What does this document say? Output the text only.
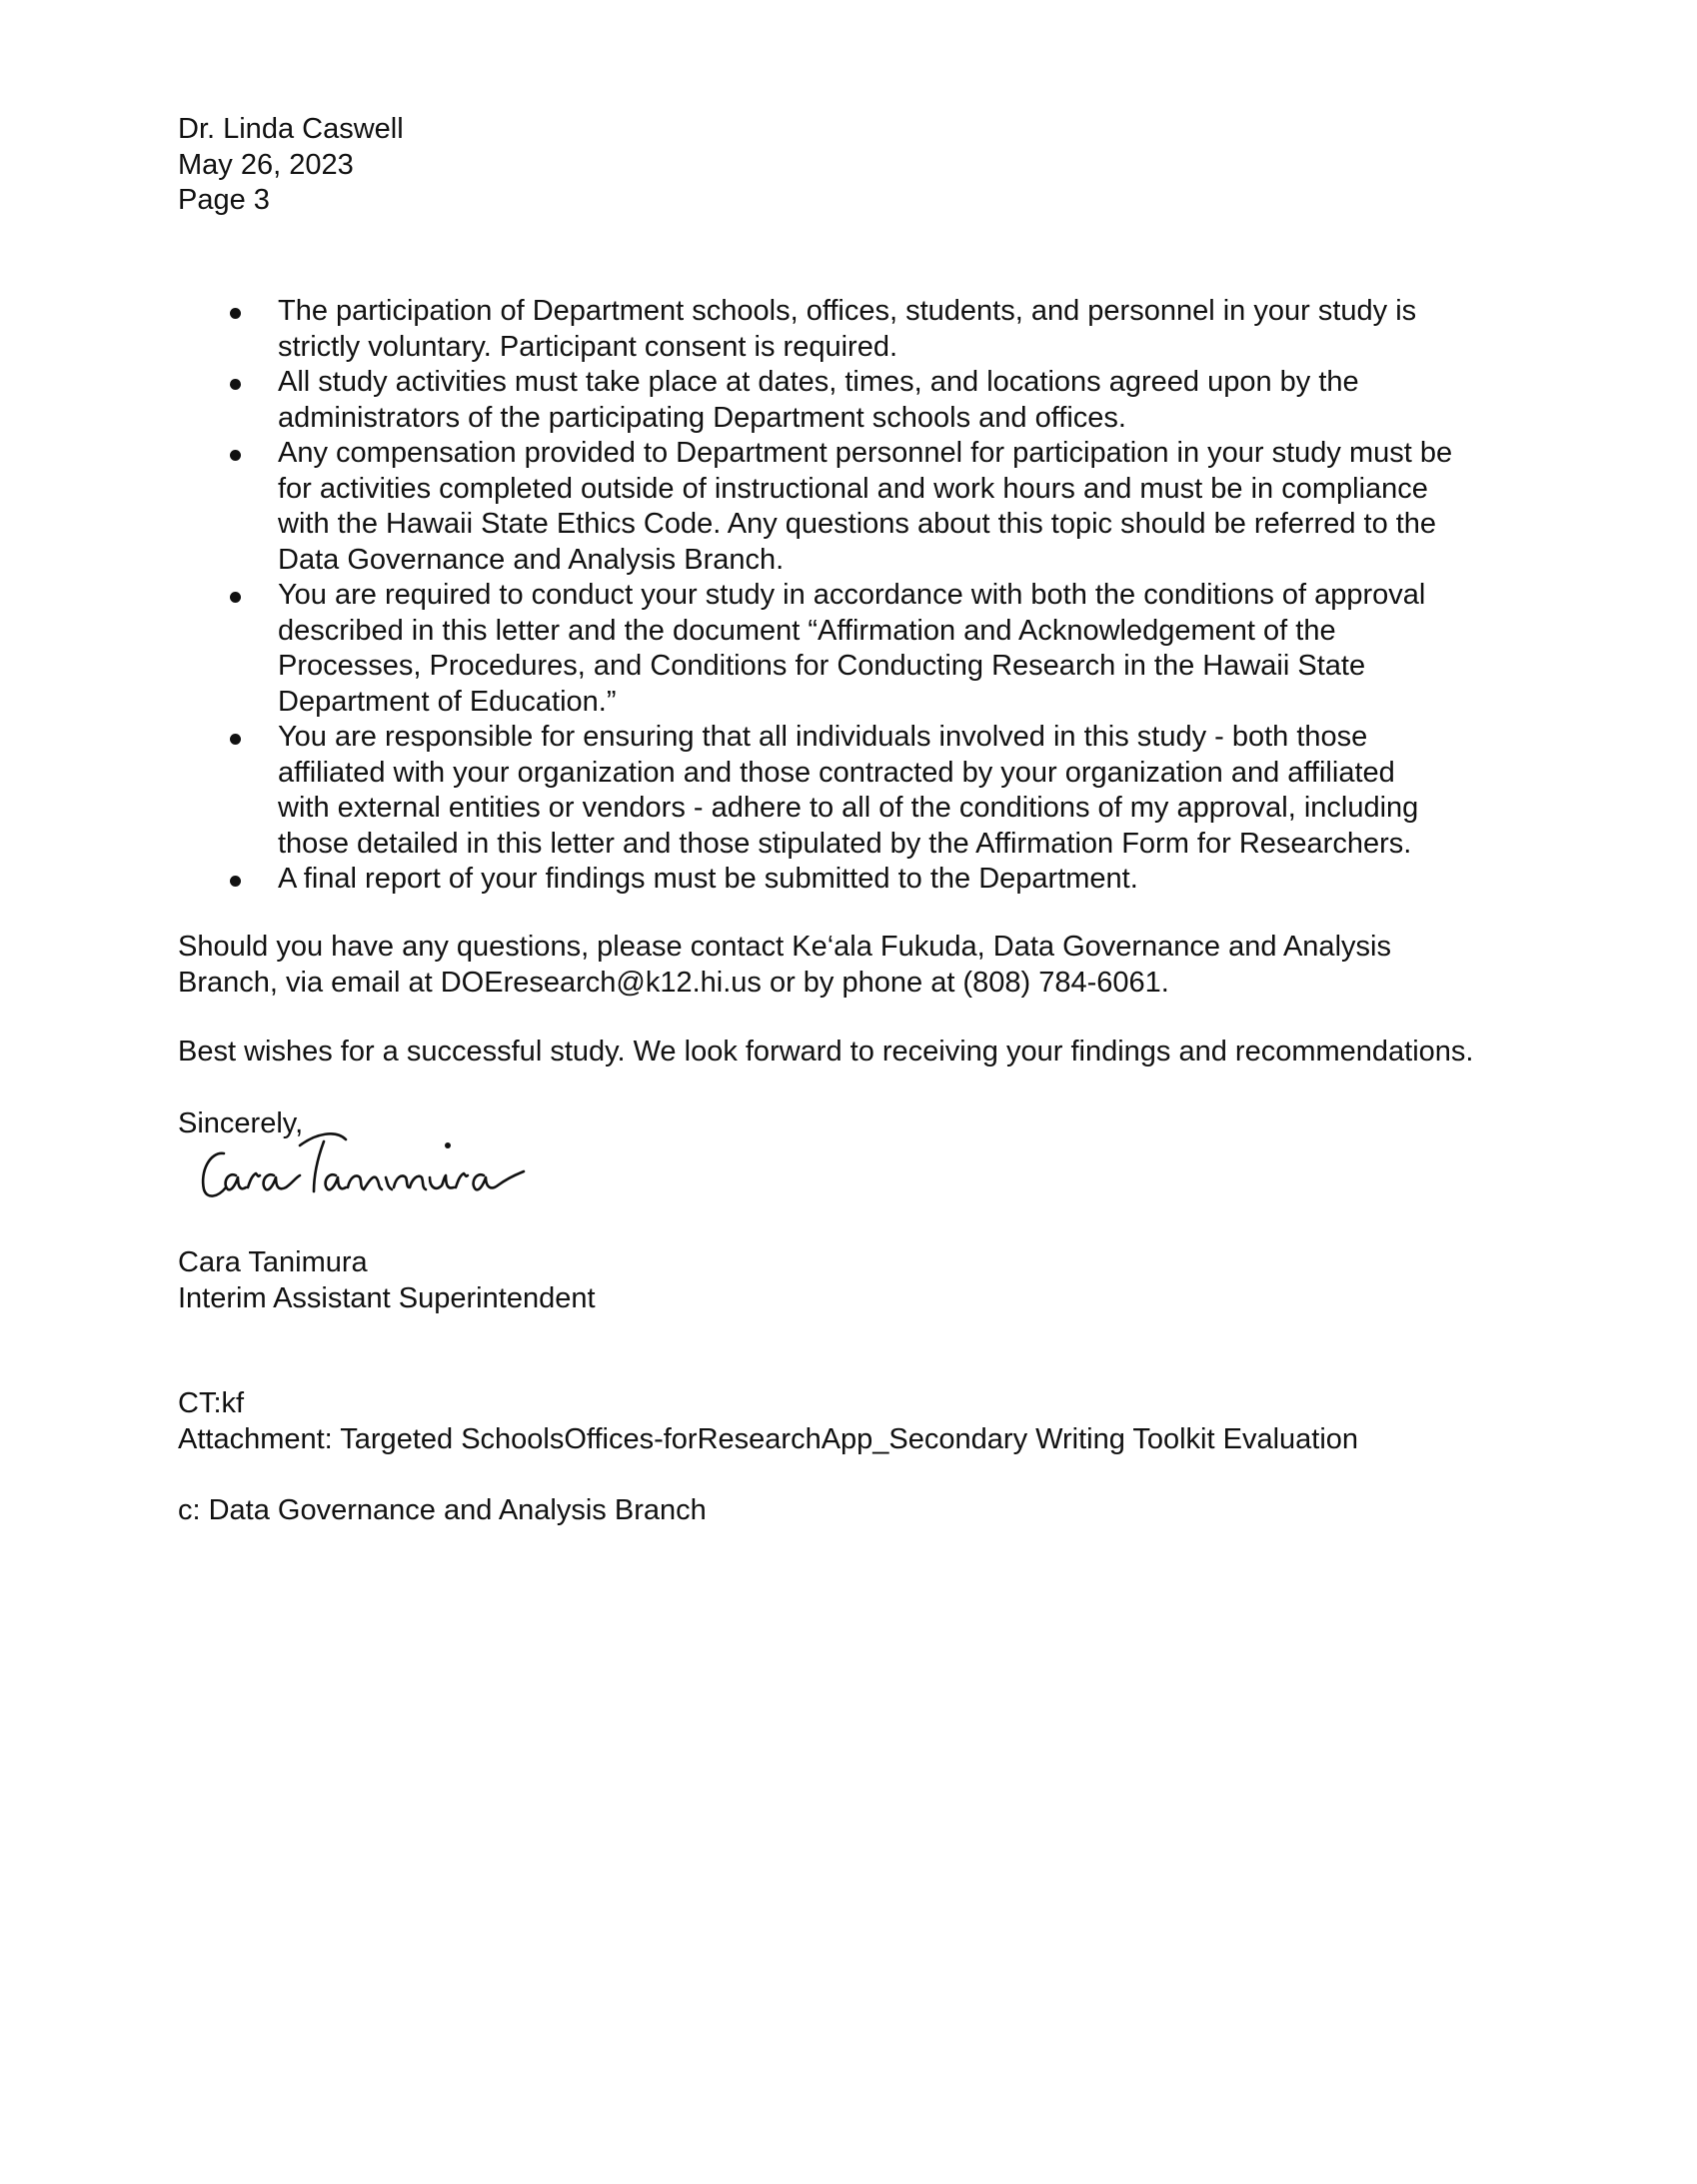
Dr. Linda Caswell
May 26, 2023
Page 3
The participation of Department schools, offices, students, and personnel in your study is
strictly voluntary. Participant consent is required.
All study activities must take place at dates, times, and locations agreed upon by the
administrators of the participating Department schools and offices.
Any compensation provided to Department personnel for participation in your study must be
for activities completed outside of instructional and work hours and must be in compliance
with the Hawaii State Ethics Code. Any questions about this topic should be referred to the
Data Governance and Analysis Branch.
You are required to conduct your study in accordance with both the conditions of approval
described in this letter and the document “Affirmation and Acknowledgement of the
Processes, Procedures, and Conditions for Conducting Research in the Hawaii State
Department of Education.”
You are responsible for ensuring that all individuals involved in this study - both those
affiliated with your organization and those contracted by your organization and affiliated
with external entities or vendors - adhere to all of the conditions of my approval, including
those detailed in this letter and those stipulated by the Affirmation Form for Researchers.
A final report of your findings must be submitted to the Department.
Should you have any questions, please contact Ke‘ala Fukuda, Data Governance and Analysis
Branch, via email at DOEresearch@k12.hi.us or by phone at (808) 784-6061.
Best wishes for a successful study. We look forward to receiving your findings and recommendations.
Sincerely,
Cara Tanimura
Interim Assistant Superintendent
CT:kf
Attachment: Targeted SchoolsOffices-forResearchApp_Secondary Writing Toolkit Evaluation
c: Data Governance and Analysis Branch
